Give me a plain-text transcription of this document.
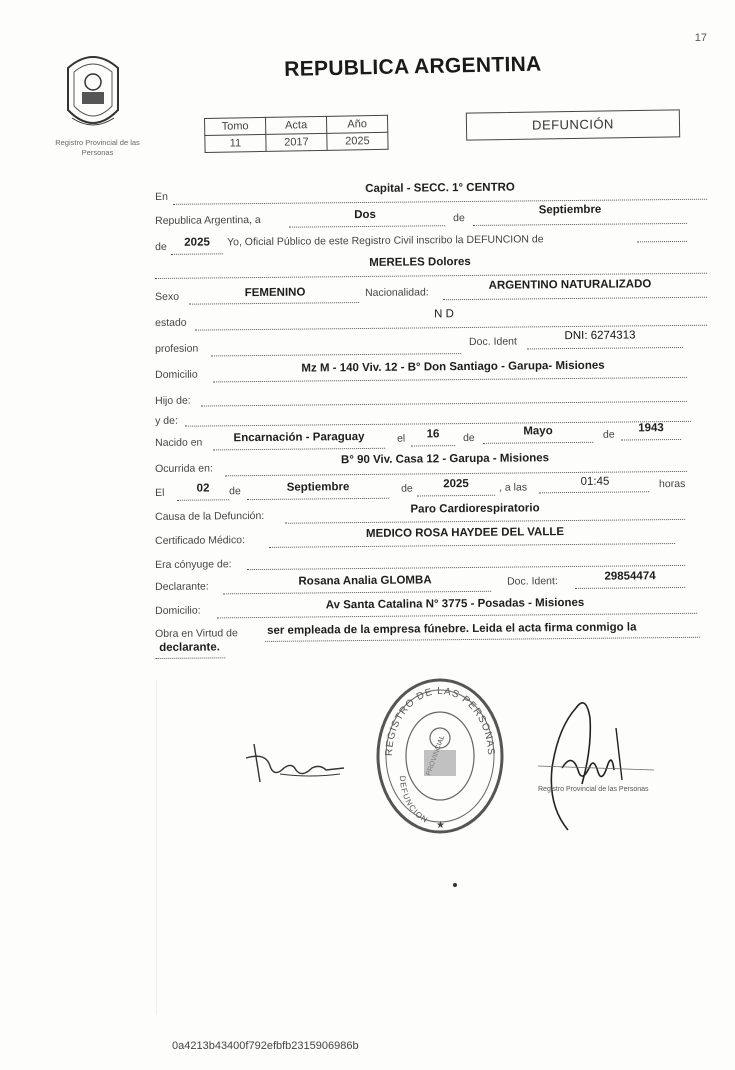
17
Registro Provincial de las Personas
REPUBLICA ARGENTINA
Tomo	Acta	Año
11	2017	2025
DEFUNCIÓN
En
Capital - SECC. 1° CENTRO
Republica Argentina, a	Dos	de
Septiembre
de	2025	Yo, Oficial Público de este Registro Civil inscribo la DEFUNCION de
MERELES Dolores
Sexo	FEMENINO	Nacionalidad:
ARGENTINO NATURALIZADO
estado
N D
profesion
Doc. Ident	DNI: 6274313
Domicilio
Mz M - 140 Viv. 12 - B° Don Santiago - Garupa- Misiones
Hijo de:
y de:
Nacido en	Encarnación - Paraguay	el	16	de
Mayo	de
1943
Ocurrida en:
B° 90 Viv. Casa 12 - Garupa - Misiones
El	02	de	Septiembre	de	2025	, a las	01:45	horas
Causa de la Defunción:
Paro Cardiorespiratorio
Certificado Médico:
MEDICO ROSA HAYDEE DEL VALLE
Era cónyuge de:
Declarante:	Rosana Analia GLOMBA	Doc. Ident:	29854474
Domicilio:	Av Santa Catalina N° 3775 - Posadas - Misiones
Obra en Virtud de	ser empleada de la empresa fúnebre. Leida el acta firma conmigo la
declarante.
REGISTRO DE LAS PERSONAS
DEFUNCION
★
Registro Provincial de las Personas
0a4213b43400f792efbfb2315906986b
